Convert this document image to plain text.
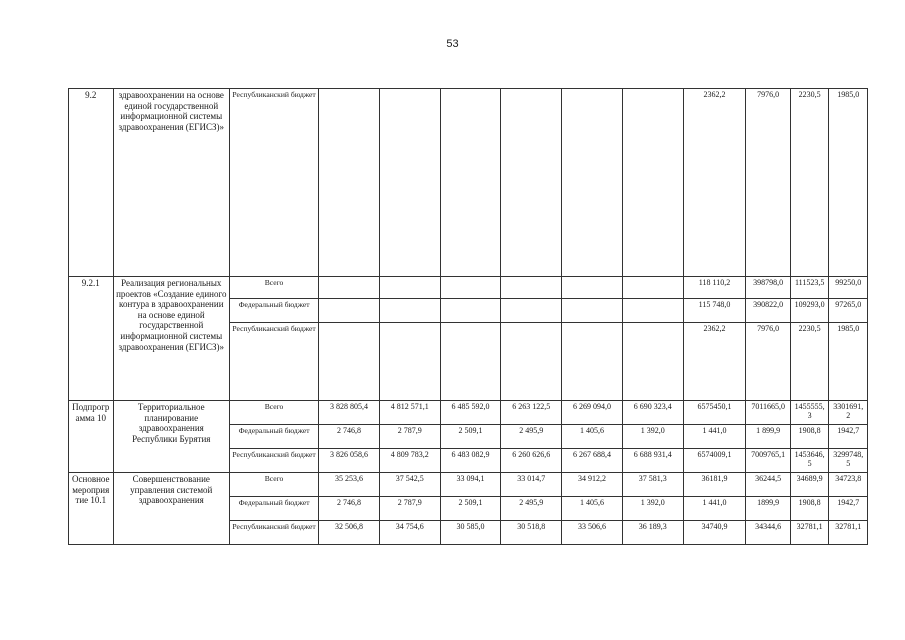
53
9.2	здравоохранении на основе единой государственной информационной системы здравоохранения (ЕГИСЗ)»	Республиканский бюджет							2362,2	7976,0	2230,5	1985,0
9.2.1	Реализация региональных проектов «Создание единого контура в здравоохранении на основе единой государственной информационной системы здравоохранения (ЕГИСЗ)»	Всего							118 110,2	398798,0	111523,5	99250,0
		Федеральный бюджет							115 748,0	390822,0	109293,0	97265,0
		Республиканский бюджет							2362,2	7976,0	2230,5	1985,0
Подпрограмма 10	Территориальное планирование здравоохранения Республики Бурятия	Всего	3 828 805,4	4 812 571,1	6 485 592,0	6 263 122,5	6 269 094,0	6 690 323,4	6575450,1	7011665,0	1455555,3	3301691,2
		Федеральный бюджет	2 746,8	2 787,9	2 509,1	2 495,9	1 405,6	1 392,0	1 441,0	1 899,9	1908,8	1942,7
		Республиканский бюджет	3 826 058,6	4 809 783,2	6 483 082,9	6 260 626,6	6 267 688,4	6 688 931,4	6574009,1	7009765,1	1453646,5	3299748,5
Основное мероприятие 10.1	Совершенствование управления системой здравоохранения	Всего	35 253,6	37 542,5	33 094,1	33 014,7	34 912,2	37 581,3	36181,9	36244,5	34689,9	34723,8
		Федеральный бюджет	2 746,8	2 787,9	2 509,1	2 495,9	1 405,6	1 392,0	1 441,0	1899,9	1908,8	1942,7
		Республиканский бюджет	32 506,8	34 754,6	30 585,0	30 518,8	33 506,6	36 189,3	34740,9	34344,6	32781,1	32781,1
